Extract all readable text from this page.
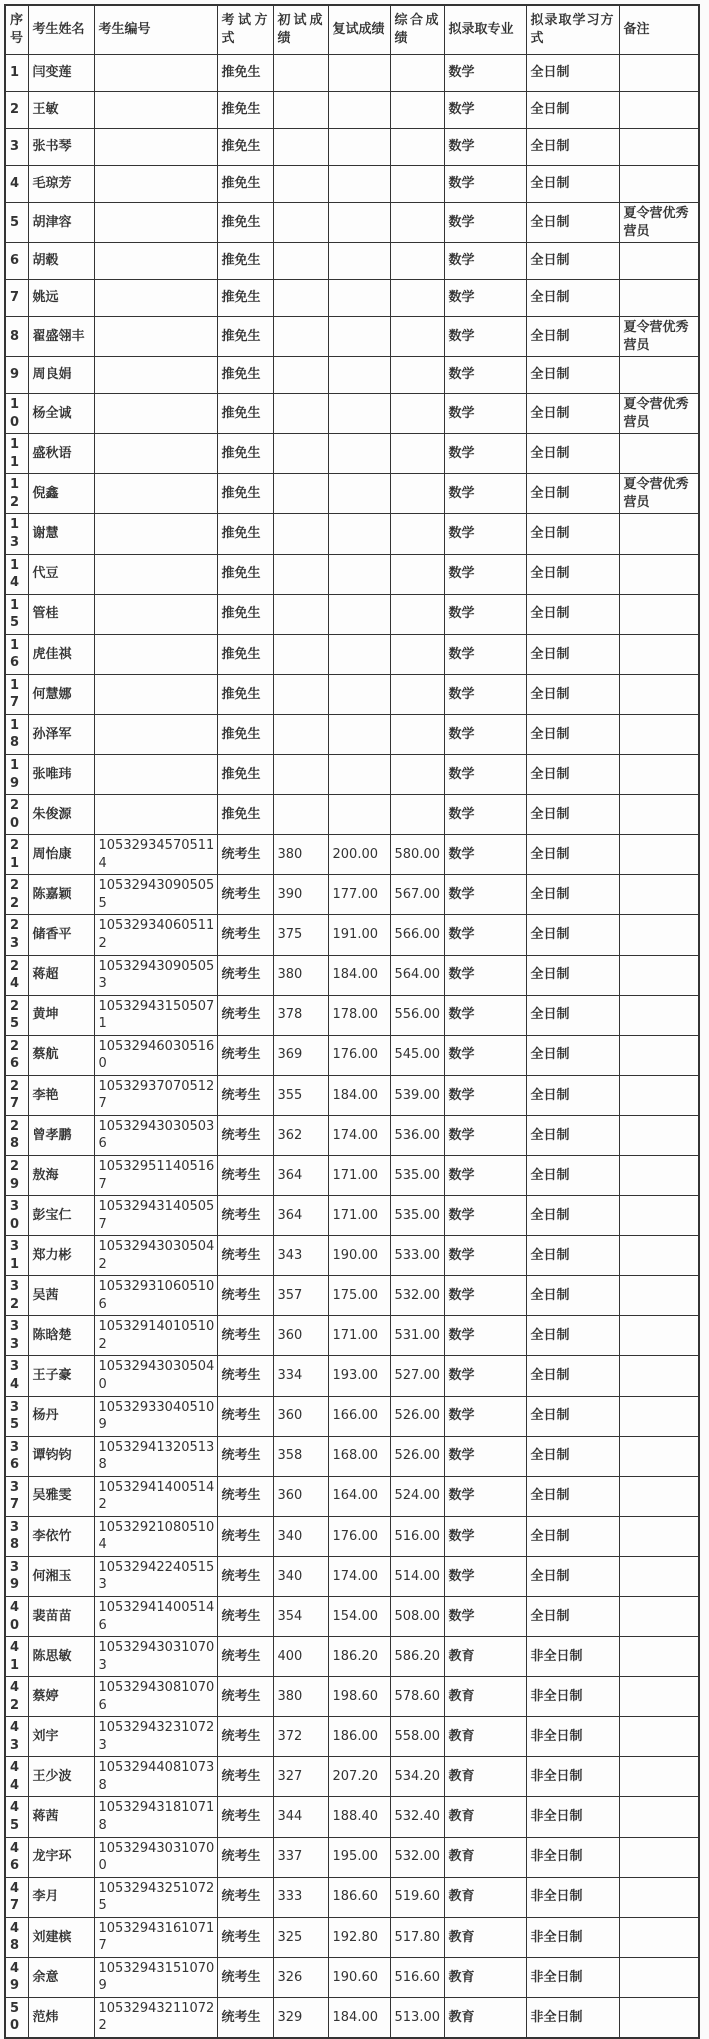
序号	考生姓名	考生编号	考试方式	初试成绩	复试成绩	综合成绩	拟录取专业	拟录取学习方式	备注
1	闫变莲		推免生				数学	全日制	
2	王敏		推免生				数学	全日制	
3	张书琴		推免生				数学	全日制	
4	毛琼芳		推免生				数学	全日制	
5	胡津容		推免生				数学	全日制	夏令营优秀营员
6	胡毂		推免生				数学	全日制	
7	姚远		推免生				数学	全日制	
8	翟盛翎丰		推免生				数学	全日制	夏令营优秀营员
9	周良娟		推免生				数学	全日制	
10	杨全诚		推免生				数学	全日制	夏令营优秀营员
11	盛秋语		推免生				数学	全日制	
12	倪鑫		推免生				数学	全日制	夏令营优秀营员
13	谢慧		推免生				数学	全日制	
14	代豆		推免生				数学	全日制	
15	管桂		推免生				数学	全日制	
16	虎佳祺		推免生				数学	全日制	
17	何慧娜		推免生				数学	全日制	
18	孙泽军		推免生				数学	全日制	
19	张唯玮		推免生				数学	全日制	
20	朱俊源		推免生				数学	全日制	
21	周怡康	105329345705114	统考生	380	200.00	580.00	数学	全日制	
22	陈嘉颖	105329430905055	统考生	390	177.00	567.00	数学	全日制	
23	储香平	105329340605112	统考生	375	191.00	566.00	数学	全日制	
24	蒋超	105329430905053	统考生	380	184.00	564.00	数学	全日制	
25	黄坤	105329431505071	统考生	378	178.00	556.00	数学	全日制	
26	蔡航	105329460305160	统考生	369	176.00	545.00	数学	全日制	
27	李艳	105329370705127	统考生	355	184.00	539.00	数学	全日制	
28	曾孝鹏	105329430305036	统考生	362	174.00	536.00	数学	全日制	
29	敖海	105329511405167	统考生	364	171.00	535.00	数学	全日制	
30	彭宝仁	105329431405057	统考生	364	171.00	535.00	数学	全日制	
31	郑力彬	105329430305042	统考生	343	190.00	533.00	数学	全日制	
32	吴茜	105329310605106	统考生	357	175.00	532.00	数学	全日制	
33	陈晗楚	105329140105102	统考生	360	171.00	531.00	数学	全日制	
34	王子豪	105329430305040	统考生	334	193.00	527.00	数学	全日制	
35	杨丹	105329330405109	统考生	360	166.00	526.00	数学	全日制	
36	谭钧钧	105329413205138	统考生	358	168.00	526.00	数学	全日制	
37	吴雅雯	105329414005142	统考生	360	164.00	524.00	数学	全日制	
38	李依竹	105329210805104	统考生	340	176.00	516.00	数学	全日制	
39	何湘玉	105329422405153	统考生	340	174.00	514.00	数学	全日制	
40	裴苗苗	105329414005146	统考生	354	154.00	508.00	数学	全日制	
41	陈思敏	105329430310703	统考生	400	186.20	586.20	教育	非全日制	
42	蔡婷	105329430810706	统考生	380	198.60	578.60	教育	非全日制	
43	刘宇	105329432310723	统考生	372	186.00	558.00	教育	非全日制	
44	王少波	105329440810738	统考生	327	207.20	534.20	教育	非全日制	
45	蒋茜	105329431810718	统考生	344	188.40	532.40	教育	非全日制	
46	龙宇环	105329430310700	统考生	337	195.00	532.00	教育	非全日制	
47	李月	105329432510725	统考生	333	186.60	519.60	教育	非全日制	
48	刘建槟	105329431610717	统考生	325	192.80	517.80	教育	非全日制	
49	余意	105329431510709	统考生	326	190.60	516.60	教育	非全日制	
50	范炜	105329432110722	统考生	329	184.00	513.00	教育	非全日制	
